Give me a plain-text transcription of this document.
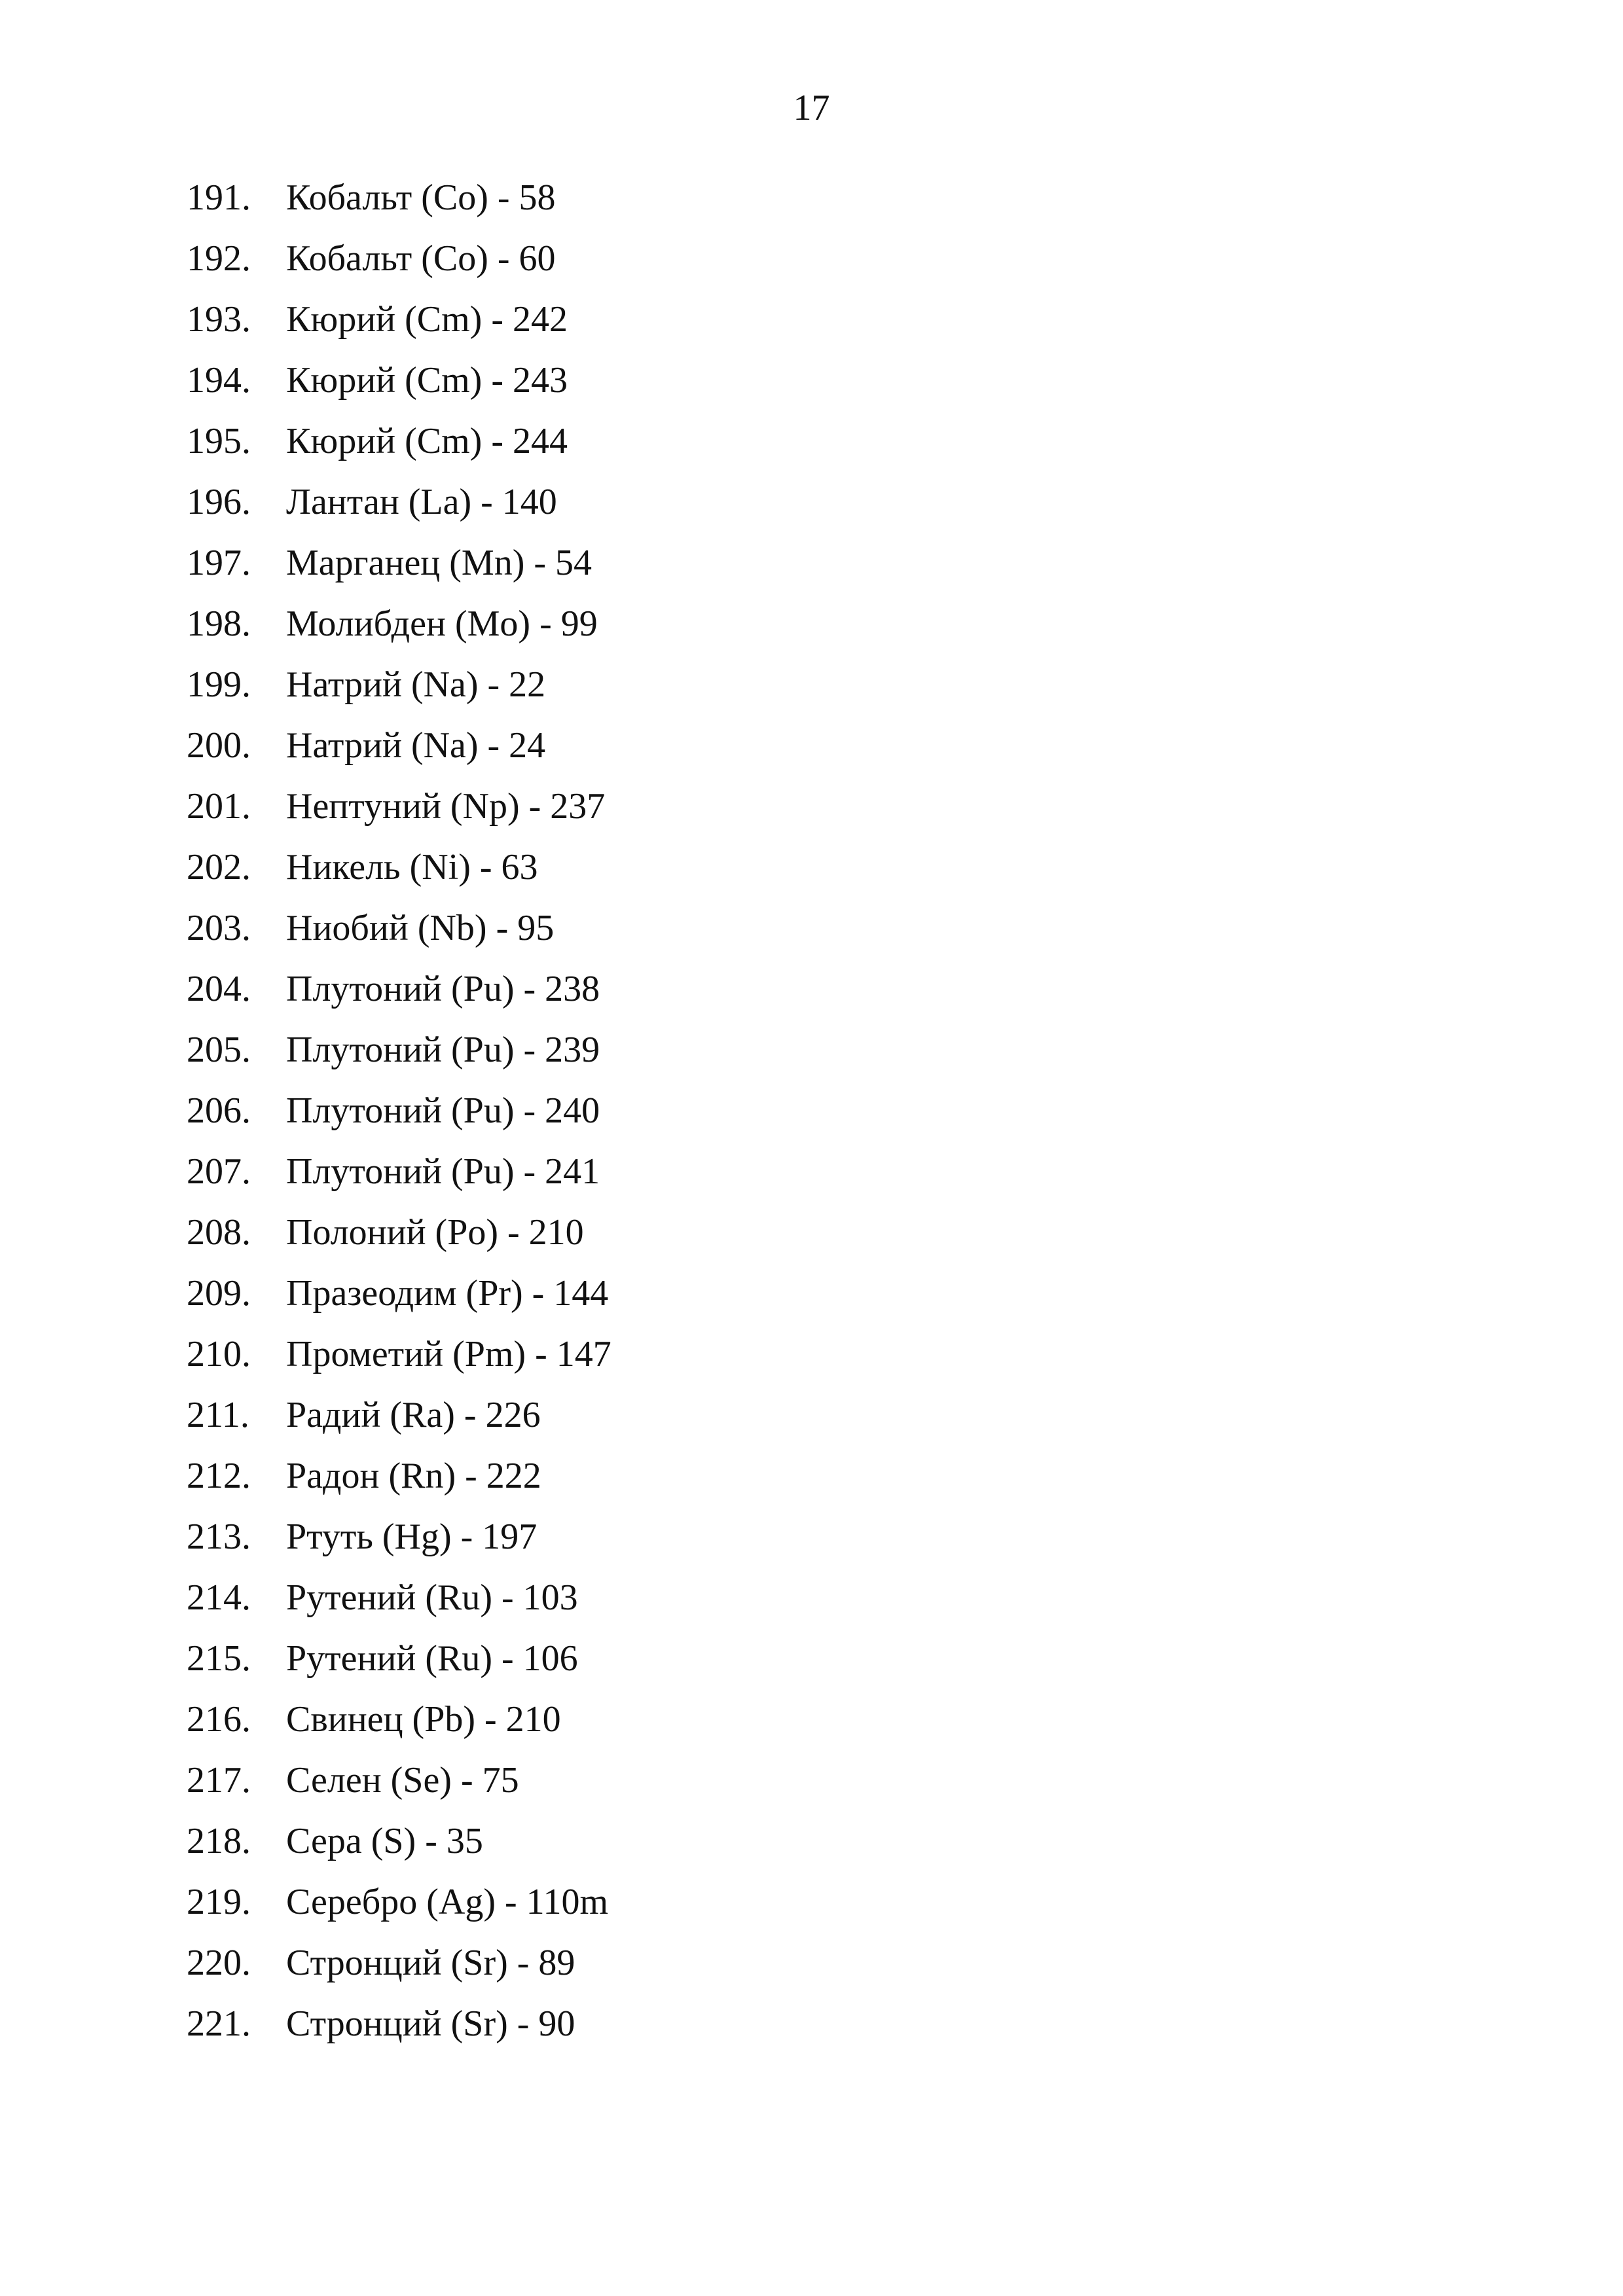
17
191. Кобальт (Co) - 58
192. Кобальт (Co) - 60
193. Кюрий (Cm) - 242
194. Кюрий (Cm) - 243
195. Кюрий (Cm) - 244
196. Лантан (La) - 140
197. Марганец (Mn) - 54
198. Молибден (Mo) - 99
199. Натрий (Na) - 22
200. Натрий (Na) - 24
201. Нептуний (Np) - 237
202. Никель (Ni) - 63
203. Ниобий (Nb) - 95
204. Плутоний (Pu) - 238
205. Плутоний (Pu) - 239
206. Плутоний (Pu) - 240
207. Плутоний (Pu) - 241
208. Полоний (Po) - 210
209. Празеодим (Pr) - 144
210. Прометий (Pm) - 147
211.	Радий (Ra) - 226
212. Радон (Rn) - 222
213. Ртуть (Hg) - 197
214. Рутений (Ru) - 103
215. Рутений (Ru) - 106
216. Свинец (Pb) - 210
217. Селен (Se) - 75
218. Сера (S) - 35
219. Серебро (Ag) - 110m
220. Стронций (Sr) - 89
221. Стронций (Sr) - 90
